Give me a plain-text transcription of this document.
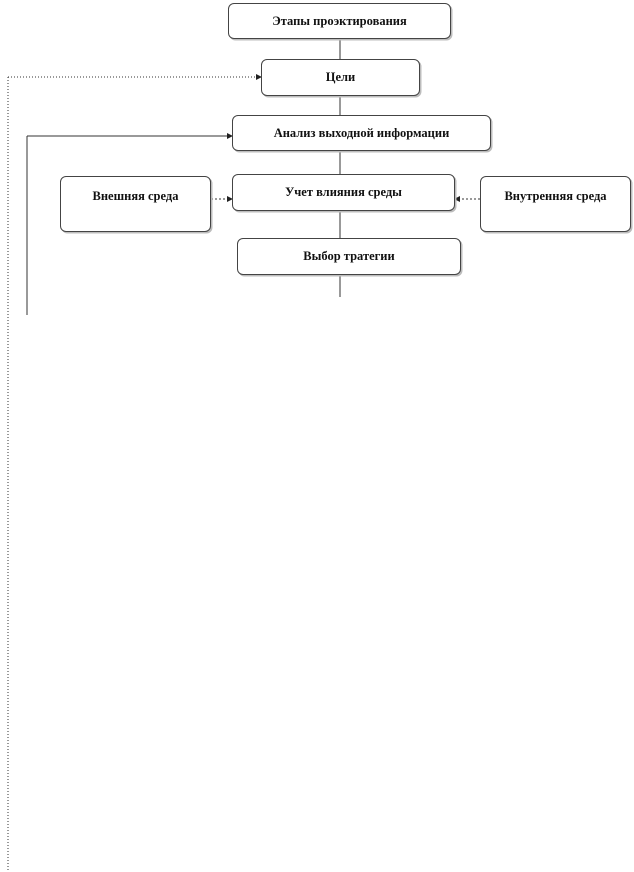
Этапы проэктирования
Цели
Анализ выходной информации
Учет влияния среды
Внешняя среда	Внутренняя среда
Выбор тратегии
